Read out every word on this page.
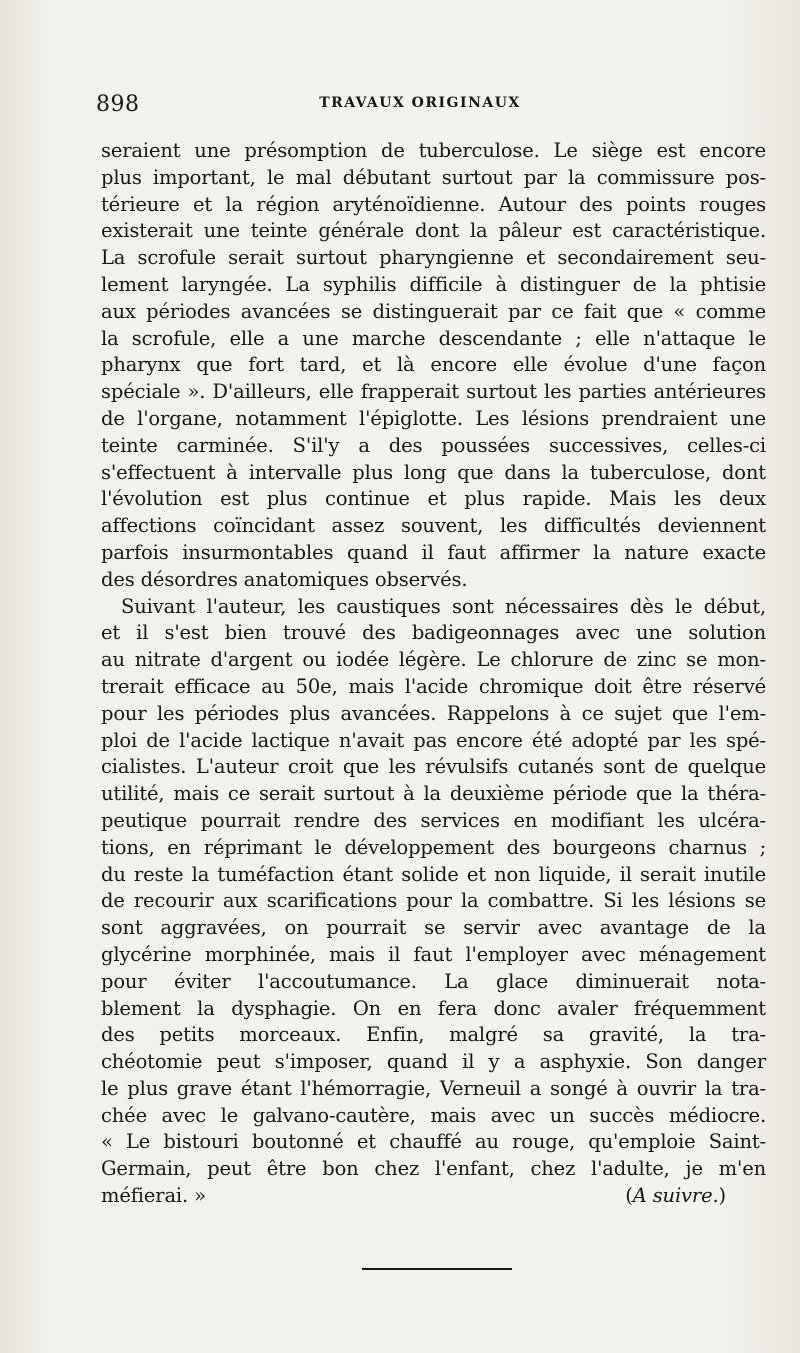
898	TRAVAUX ORIGINAUX
seraient une présomption de tuberculose. Le siège est encore
plus important, le mal débutant surtout par la commissure pos-
térieure et la région aryténoïdienne. Autour des points rouges
existerait une teinte générale dont la pâleur est caractéristique.
La scrofule serait surtout pharyngienne et secondairement seu-
lement laryngée. La syphilis difficile à distinguer de la phtisie
aux périodes avancées se distinguerait par ce fait que « comme
la scrofule, elle a une marche descendante ; elle n'attaque le
pharynx que fort tard, et là encore elle évolue d'une façon
spéciale ». D'ailleurs, elle frapperait surtout les parties antérieures
de l'organe, notamment l'épiglotte. Les lésions prendraient une
teinte carminée. S'il'y a des poussées successives, celles-ci
s'effectuent à intervalle plus long que dans la tuberculose, dont
l'évolution est plus continue et plus rapide. Mais les deux
affections coïncidant assez souvent, les difficultés deviennent
parfois insurmontables quand il faut affirmer la nature exacte
des désordres anatomiques observés.
Suivant l'auteur, les caustiques sont nécessaires dès le début,
et il s'est bien trouvé des badigeonnages avec une solution
au nitrate d'argent ou iodée légère. Le chlorure de zinc se mon-
trerait efficace au 50e, mais l'acide chromique doit être réservé
pour les périodes plus avancées. Rappelons à ce sujet que l'em-
ploi de l'acide lactique n'avait pas encore été adopté par les spé-
cialistes. L'auteur croit que les révulsifs cutanés sont de quelque
utilité, mais ce serait surtout à la deuxième période que la théra-
peutique pourrait rendre des services en modifiant les ulcéra-
tions, en réprimant le développement des bourgeons charnus ;
du reste la tuméfaction étant solide et non liquide, il serait inutile
de recourir aux scarifications pour la combattre. Si les lésions se
sont aggravées, on pourrait se servir avec avantage de la
glycérine morphinée, mais il faut l'employer avec ménagement
pour éviter l'accoutumance. La glace diminuerait nota-
blement la dysphagie. On en fera donc avaler fréquemment
des petits morceaux. Enfin, malgré sa gravité, la tra-
chéotomie peut s'imposer, quand il y a asphyxie. Son danger
le plus grave étant l'hémorragie, Verneuil a songé à ouvrir la tra-
chée avec le galvano-cautère, mais avec un succès médiocre.
« Le bistouri boutonné et chauffé au rouge, qu'emploie Saint-
Germain, peut être bon chez l'enfant, chez l'adulte, je m'en
méfierai. »	(A suivre.)
